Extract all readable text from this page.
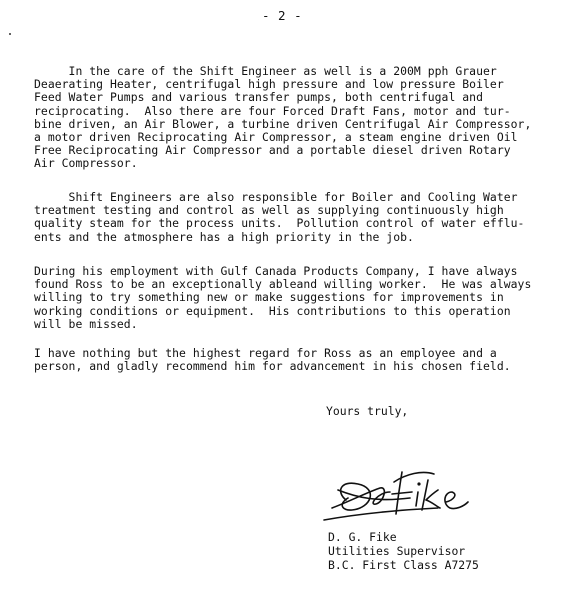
- 2 -
In the care of the Shift Engineer as well is a 200M pph Grauer
Deaerating Heater, centrifugal high pressure and low pressure Boiler
Feed Water Pumps and various transfer pumps, both centrifugal and
reciprocating.  Also there are four Forced Draft Fans, motor and tur-
bine driven, an Air Blower, a turbine driven Centrifugal Air Compressor,
a motor driven Reciprocating Air Compressor, a steam engine driven Oil
Free Reciprocating Air Compressor and a portable diesel driven Rotary
Air Compressor.
Shift Engineers are also responsible for Boiler and Cooling Water
treatment testing and control as well as supplying continuously high
quality steam for the process units.  Pollution control of water efflu-
ents and the atmosphere has a high priority in the job.
During his employment with Gulf Canada Products Company, I have always
found Ross to be an exceptionally ableand willing worker.  He was always
willing to try something new or make suggestions for improvements in
working conditions or equipment.  His contributions to this operation
will be missed.
I have nothing but the highest regard for Ross as an employee and a
person, and gladly recommend him for advancement in his chosen field.
Yours truly,
D. G. Fike
Utilities Supervisor
B.C. First Class A7275
